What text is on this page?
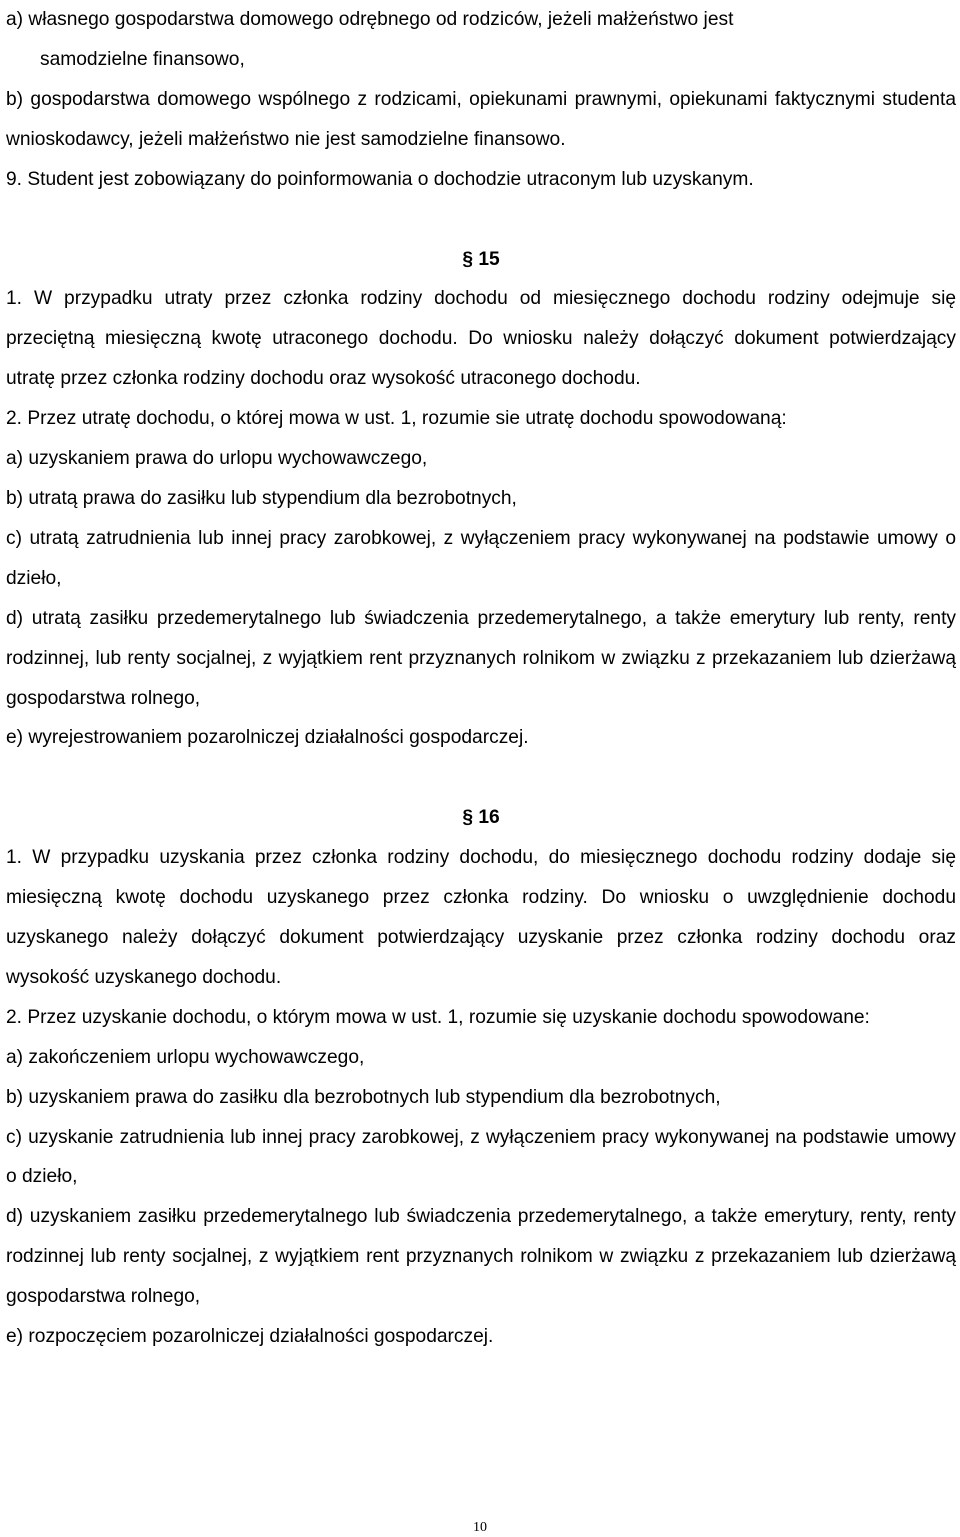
a) własnego gospodarstwa domowego odrębnego od rodziców, jeżeli małżeństwo jest

samodzielne finansowo,

b) gospodarstwa domowego wspólnego z rodzicami, opiekunami prawnymi, opiekunami faktycznymi studenta wnioskodawcy, jeżeli małżeństwo nie jest samodzielne finansowo.

9. Student jest zobowiązany do poinformowania o dochodzie utraconym lub uzyskanym.

§ 15

1. W przypadku utraty przez członka rodziny dochodu od miesięcznego dochodu rodziny odejmuje się przeciętną miesięczną kwotę utraconego dochodu. Do wniosku należy dołączyć dokument potwierdzający utratę przez członka rodziny dochodu oraz wysokość utraconego dochodu.

2. Przez utratę dochodu, o której mowa w ust. 1, rozumie sie utratę dochodu spowodowaną:

a) uzyskaniem prawa do urlopu wychowawczego,

b) utratą prawa do zasiłku lub stypendium dla bezrobotnych,

c) utratą zatrudnienia lub innej pracy zarobkowej, z wyłączeniem pracy wykonywanej na podstawie umowy o dzieło,

d) utratą zasiłku przedemerytalnego lub świadczenia przedemerytalnego, a także emerytury lub renty, renty rodzinnej, lub renty socjalnej, z wyjątkiem rent przyznanych rolnikom w związku z przekazaniem lub dzierżawą gospodarstwa rolnego,

e) wyrejestrowaniem pozarolniczej działalności gospodarczej.

§ 16

1. W przypadku uzyskania przez członka rodziny dochodu, do miesięcznego dochodu rodziny dodaje się miesięczną kwotę dochodu uzyskanego przez członka rodziny. Do wniosku o uwzględnienie dochodu uzyskanego należy dołączyć dokument potwierdzający uzyskanie przez członka rodziny dochodu oraz wysokość uzyskanego dochodu.

2. Przez uzyskanie dochodu, o którym mowa w ust. 1, rozumie się uzyskanie dochodu spowodowane:

a) zakończeniem urlopu wychowawczego,

b) uzyskaniem prawa do zasiłku dla bezrobotnych lub stypendium dla bezrobotnych,

c) uzyskanie zatrudnienia lub innej pracy zarobkowej, z wyłączeniem pracy wykonywanej na podstawie umowy o dzieło,

d) uzyskaniem zasiłku przedemerytalnego lub świadczenia przedemerytalnego, a także emerytury, renty, renty rodzinnej lub renty socjalnej, z wyjątkiem rent przyznanych rolnikom w związku z przekazaniem lub dzierżawą gospodarstwa rolnego,

e) rozpoczęciem pozarolniczej działalności gospodarczej.

10
